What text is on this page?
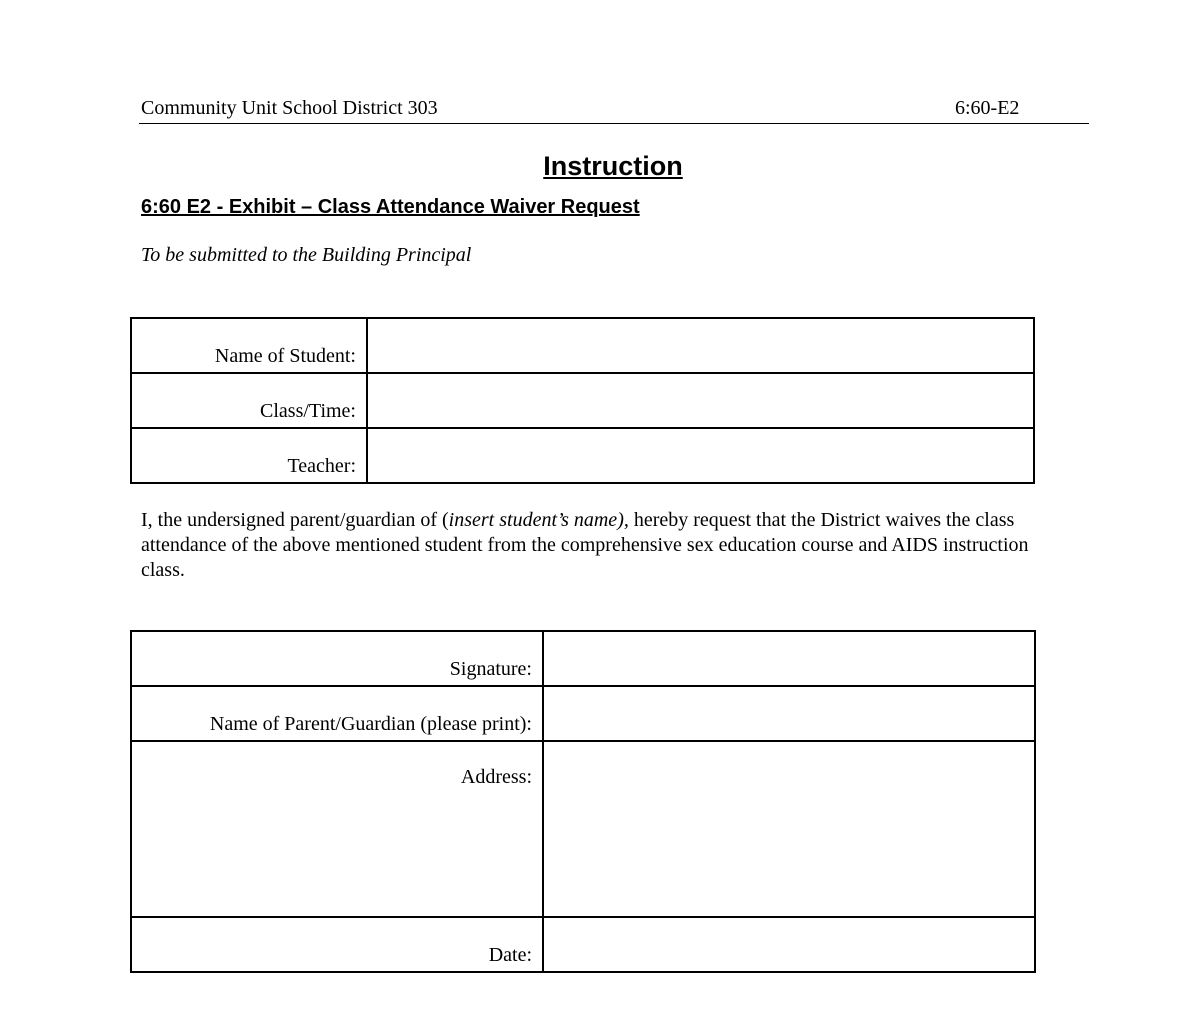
Community Unit School District 303	6:60-E2
Instruction
6:60 E2 - Exhibit – Class Attendance Waiver Request
To be submitted to the Building Principal
Name of Student:	
Class/Time:	
Teacher:	
I, the undersigned parent/guardian of (insert student’s name), hereby request that the District waives the class attendance of the above mentioned student from the comprehensive sex education course and AIDS instruction class.
Signature:	
Name of Parent/Guardian (please print):	
Address:	
Date:	
